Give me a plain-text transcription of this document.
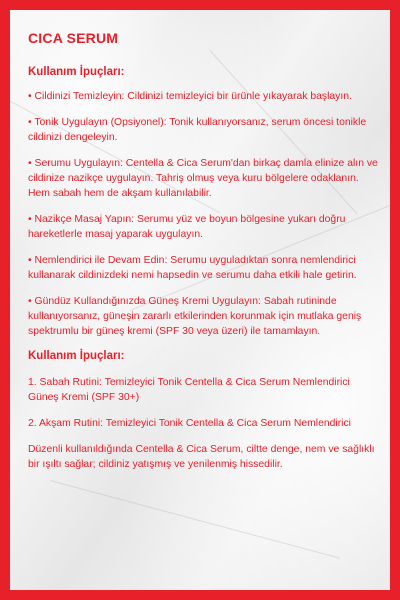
CICA SERUM
Kullanım İpuçları:

• Cildinizi Temizleyin: Cildinizi temizleyici bir ürünle yıkayarak başlayın.

• Tonik Uygulayın (Opsiyonel): Tonik kullanıyorsanız, serum öncesi tonikle cildinizi dengeleyin.

• Serumu Uygulayın: Centella & Cica Serum'dan birkaç damla elinize alın ve cildinize nazikçe uygulayın. Tahriş olmuş veya kuru bölgelere odaklanın. Hem sabah hem de akşam kullanılabilir.

• Nazikçe Masaj Yapın: Serumu yüz ve boyun bölgesine yukarı doğru hareketlerle masaj yaparak uygulayın.

• Nemlendirici ile Devam Edin: Serumu uyguladıktan sonra nemlendirici kullanarak cildinizdeki nemi hapsedin ve serumu daha etkili hale getirin.

• Gündüz Kullandığınızda Güneş Kremi Uygulayın: Sabah rutininde kullanıyorsanız, güneşin zararlı etkilerinden korunmak için mutlaka geniş spektrumlu bir güneş kremi (SPF 30 veya üzeri) ile tamamlayın.

Kullanım İpuçları:

1. Sabah Rutini: Temizleyici Tonik Centella & Cica Serum Nemlendirici Güneş Kremi (SPF 30+)

2. Akşam Rutini: Temizleyici Tonik Centella & Cica Serum Nemlendirici

Düzenli kullanıldığında Centella & Cica Serum, ciltte denge, nem ve sağlıklı bir ışıltı sağlar; cildiniz yatışmış ve yenilenmiş hissedilir.
